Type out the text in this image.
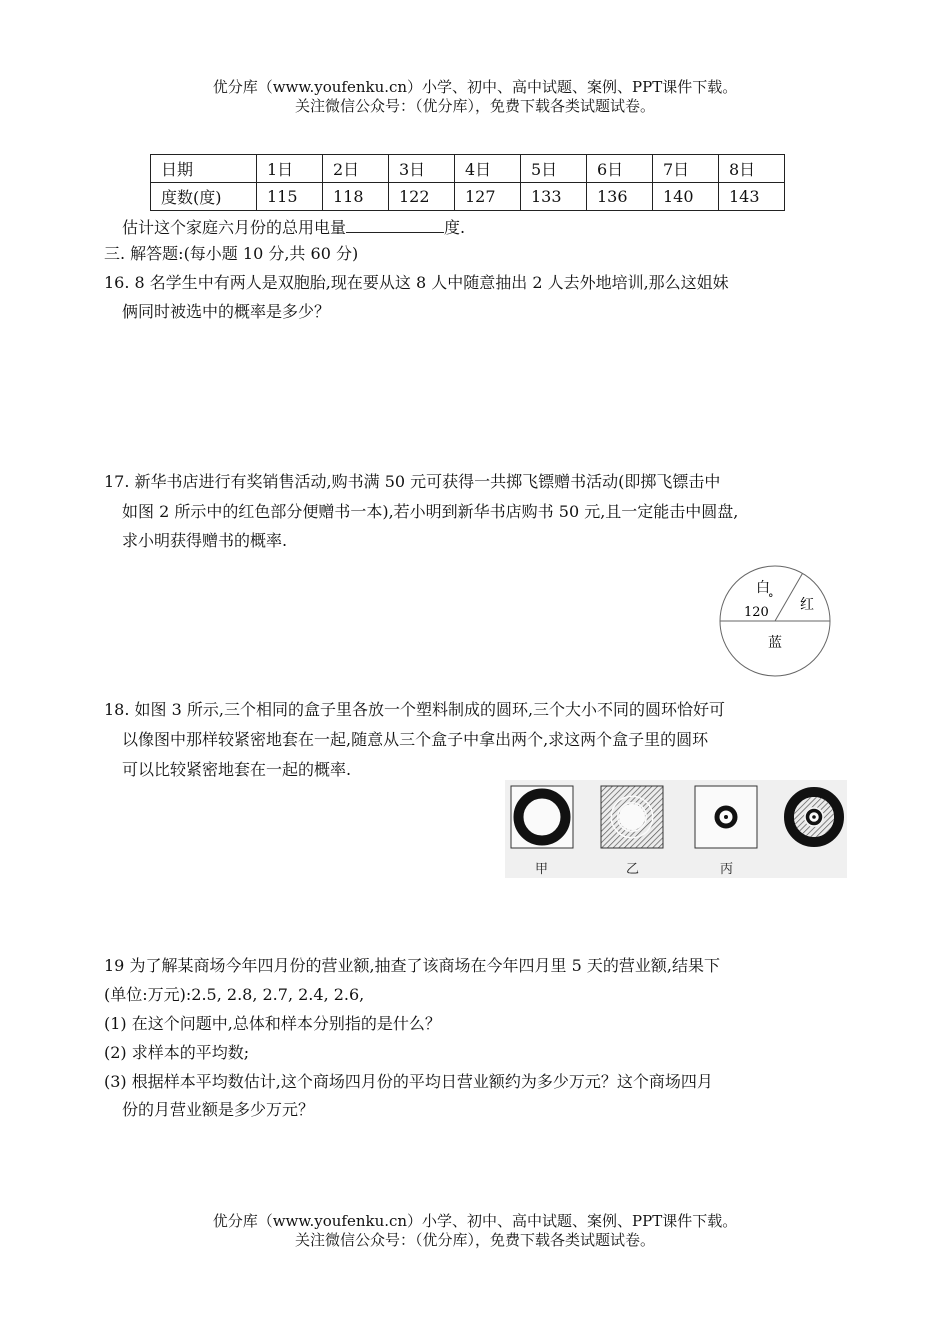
优分库（www.youfenku.cn）小学、初中、高中试题、案例、PPT课件下载。
关注微信公众号：（优分库），免费下载各类试题试卷。
日期	1日	2日	3日	4日	5日	6日	7日	8日
度数(度)	115	118	122	127	133	136	140	143
估计这个家庭六月份的总用电量	度.
三. 解答题:(每小题 10 分,共 60 分)
16. 8 名学生中有两人是双胞胎,现在要从这 8 人中随意抽出 2 人去外地培训,那么这姐妹
俩同时被选中的概率是多少？
17. 新华书店进行有奖销售活动,购书满 50 元可获得一共掷飞镖赠书活动(即掷飞镖击中
如图 2 所示中的红色部分便赠书一本),若小明到新华书店购书 50 元,且一定能击中圆盘,
求小明获得赠书的概率.
白
°
120 红
蓝
18. 如图 3 所示,三个相同的盒子里各放一个塑料制成的圆环,三个大小不同的圆环恰好可
以像图中那样较紧密地套在一起,随意从三个盒子中拿出两个,求这两个盒子里的圆环
可以比较紧密地套在一起的概率.
甲	乙	丙
19 为了解某商场今年四月份的营业额,抽查了该商场在今年四月里 5 天的营业额,结果下
(单位:万元):2.5, 2.8, 2.7, 2.4, 2.6,
(1) 在这个问题中,总体和样本分别指的是什么？
(2) 求样本的平均数;
(3) 根据样本平均数估计,这个商场四月份的平均日营业额约为多少万元？这个商场四月
份的月营业额是多少万元？
优分库（www.youfenku.cn）小学、初中、高中试题、案例、PPT课件下载。
关注微信公众号：（优分库），免费下载各类试题试卷。
